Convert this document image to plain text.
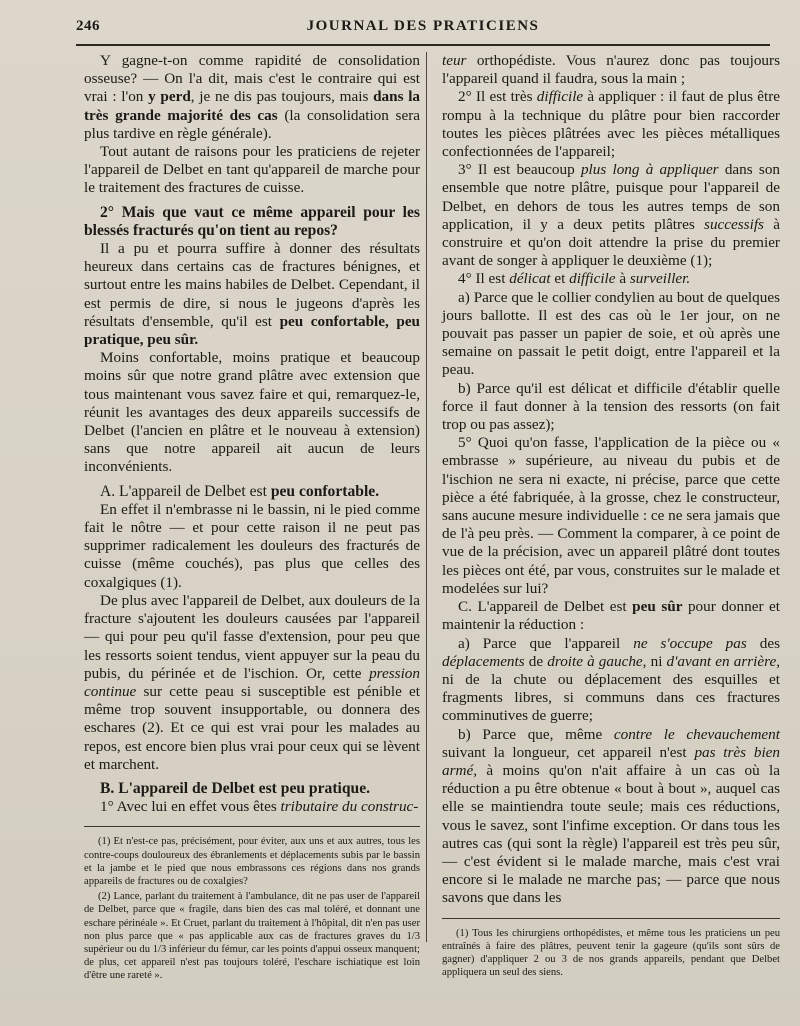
246	JOURNAL DES PRATICIENS

Y gagne-t-on comme rapidité de consolidation osseuse? — On l'a dit, mais c'est le contraire qui est vrai : l'on y perd, je ne dis pas toujours, mais dans la très grande majorité des cas (la consolidation sera plus tardive en règle générale).

Tout autant de raisons pour les praticiens de rejeter l'appareil de Delbet en tant qu'appareil de marche pour le traitement des fractures de cuisse.

2° Mais que vaut ce même appareil pour les blessés fracturés qu'on tient au repos?

Il a pu et pourra suffire à donner des résultats heureux dans certains cas de fractures bénignes, et surtout entre les mains habiles de Delbet. Cependant, il est permis de dire, si nous le jugeons d'après les résultats d'ensemble, qu'il est peu confortable, peu pratique, peu sûr.

Moins confortable, moins pratique et beaucoup moins sûr que notre grand plâtre avec extension que tous maintenant vous savez faire et qui, remarquez-le, réunit les avantages des deux appareils successifs de Delbet (l'ancien en plâtre et le nouveau à extension) sans que notre appareil ait aucun de leurs inconvénients.

A. L'appareil de Delbet est peu confortable.

En effet il n'embrasse ni le bassin, ni le pied comme fait le nôtre — et pour cette raison il ne peut pas supprimer radicalement les douleurs des fracturés de cuisse (même couchés), pas plus que celles des coxalgiques (1).

De plus avec l'appareil de Delbet, aux douleurs de la fracture s'ajoutent les douleurs causées par l'appareil — qui pour peu qu'il fasse d'extension, pour peu que les ressorts soient tendus, vient appuyer sur la peau du pubis, du périnée et de l'ischion. Or, cette pression continue sur cette peau si susceptible est pénible et même trop souvent insupportable, ou donnera des eschares (2). Et ce qui est vrai pour les malades au repos, est encore bien plus vrai pour ceux qui se lèvent et marchent.

B. L'appareil de Delbet est peu pratique.

1° Avec lui en effet vous êtes tributaire du construc-

(1) Et n'est-ce pas, précisément, pour éviter, aux uns et aux autres, tous les contre-coups douloureux des ébranlements et déplacements subis par le bassin et la jambe et le pied que nous embrassons ces régions dans nos grands appareils de fractures ou de coxalgies?

(2) Lance, parlant du traitement à l'ambulance, dit ne pas user de l'appareil de Delbet, parce que « fragile, dans bien des cas mal toléré, et donnant une eschare périnéale ». Et Cruet, parlant du traitement à l'hôpital, dit n'en pas user non plus parce que « pas applicable aux cas de fractures graves du 1/3 supérieur ou du 1/3 inférieur du fémur, car les points d'appui osseux manquent; de plus, cet appareil n'est pas toujours toléré, l'eschare ischiatique est loin d'être une rareté ».

teur orthopédiste. Vous n'aurez donc pas toujours l'appareil quand il faudra, sous la main ;

2° Il est très difficile à appliquer : il faut de plus être rompu à la technique du plâtre pour bien raccorder toutes les pièces plâtrées avec les pièces métalliques confectionnées de l'appareil;

3° Il est beaucoup plus long à appliquer dans son ensemble que notre plâtre, puisque pour l'appareil de Delbet, en dehors de tous les autres temps de son application, il y a deux petits plâtres successifs à construire et qu'on doit attendre la prise du premier avant de songer à appliquer le deuxième (1);

4° Il est délicat et difficile à surveiller.

a) Parce que le collier condylien au bout de quelques jours ballotte. Il est des cas où le 1er jour, on ne pouvait pas passer un papier de soie, et où après une semaine on passait le petit doigt, entre l'appareil et la peau.

b) Parce qu'il est délicat et difficile d'établir quelle force il faut donner à la tension des ressorts (on fait trop ou pas assez);

5° Quoi qu'on fasse, l'application de la pièce ou « embrasse » supérieure, au niveau du pubis et de l'ischion ne sera ni exacte, ni précise, parce que cette pièce a été fabriquée, à la grosse, chez le constructeur, sans aucune mesure individuelle : ce ne sera jamais que de l'à peu près. — Comment la comparer, à ce point de vue de la précision, avec un appareil plâtré dont toutes les pièces ont été, par vous, construites sur le malade et modelées sur lui?

C. L'appareil de Delbet est peu sûr pour donner et maintenir la réduction :

a) Parce que l'appareil ne s'occupe pas des déplacements de droite à gauche, ni d'avant en arrière, ni de la chute ou déplacement des esquilles et fragments libres, si communs dans ces fractures comminutives de guerre;

b) Parce que, même contre le chevauchement suivant la longueur, cet appareil n'est pas très bien armé, à moins qu'on n'ait affaire à un cas où la réduction a pu être obtenue « bout à bout », auquel cas elle se maintiendra toute seule; mais ces réductions, vous le savez, sont l'infime exception. Or dans tous les autres cas (qui sont la règle) l'appareil est très peu sûr, — c'est évident si le malade marche, mais c'est vrai encore si le malade ne marche pas; — parce que nous savons que dans les

(1) Tous les chirurgiens orthopédistes, et même tous les praticiens un peu entraînés à faire des plâtres, peuvent tenir la gageure (qu'ils sont sûrs de gagner) d'appliquer 2 ou 3 de nos grands appareils, pendant que Delbet appliquera un seul des siens.
